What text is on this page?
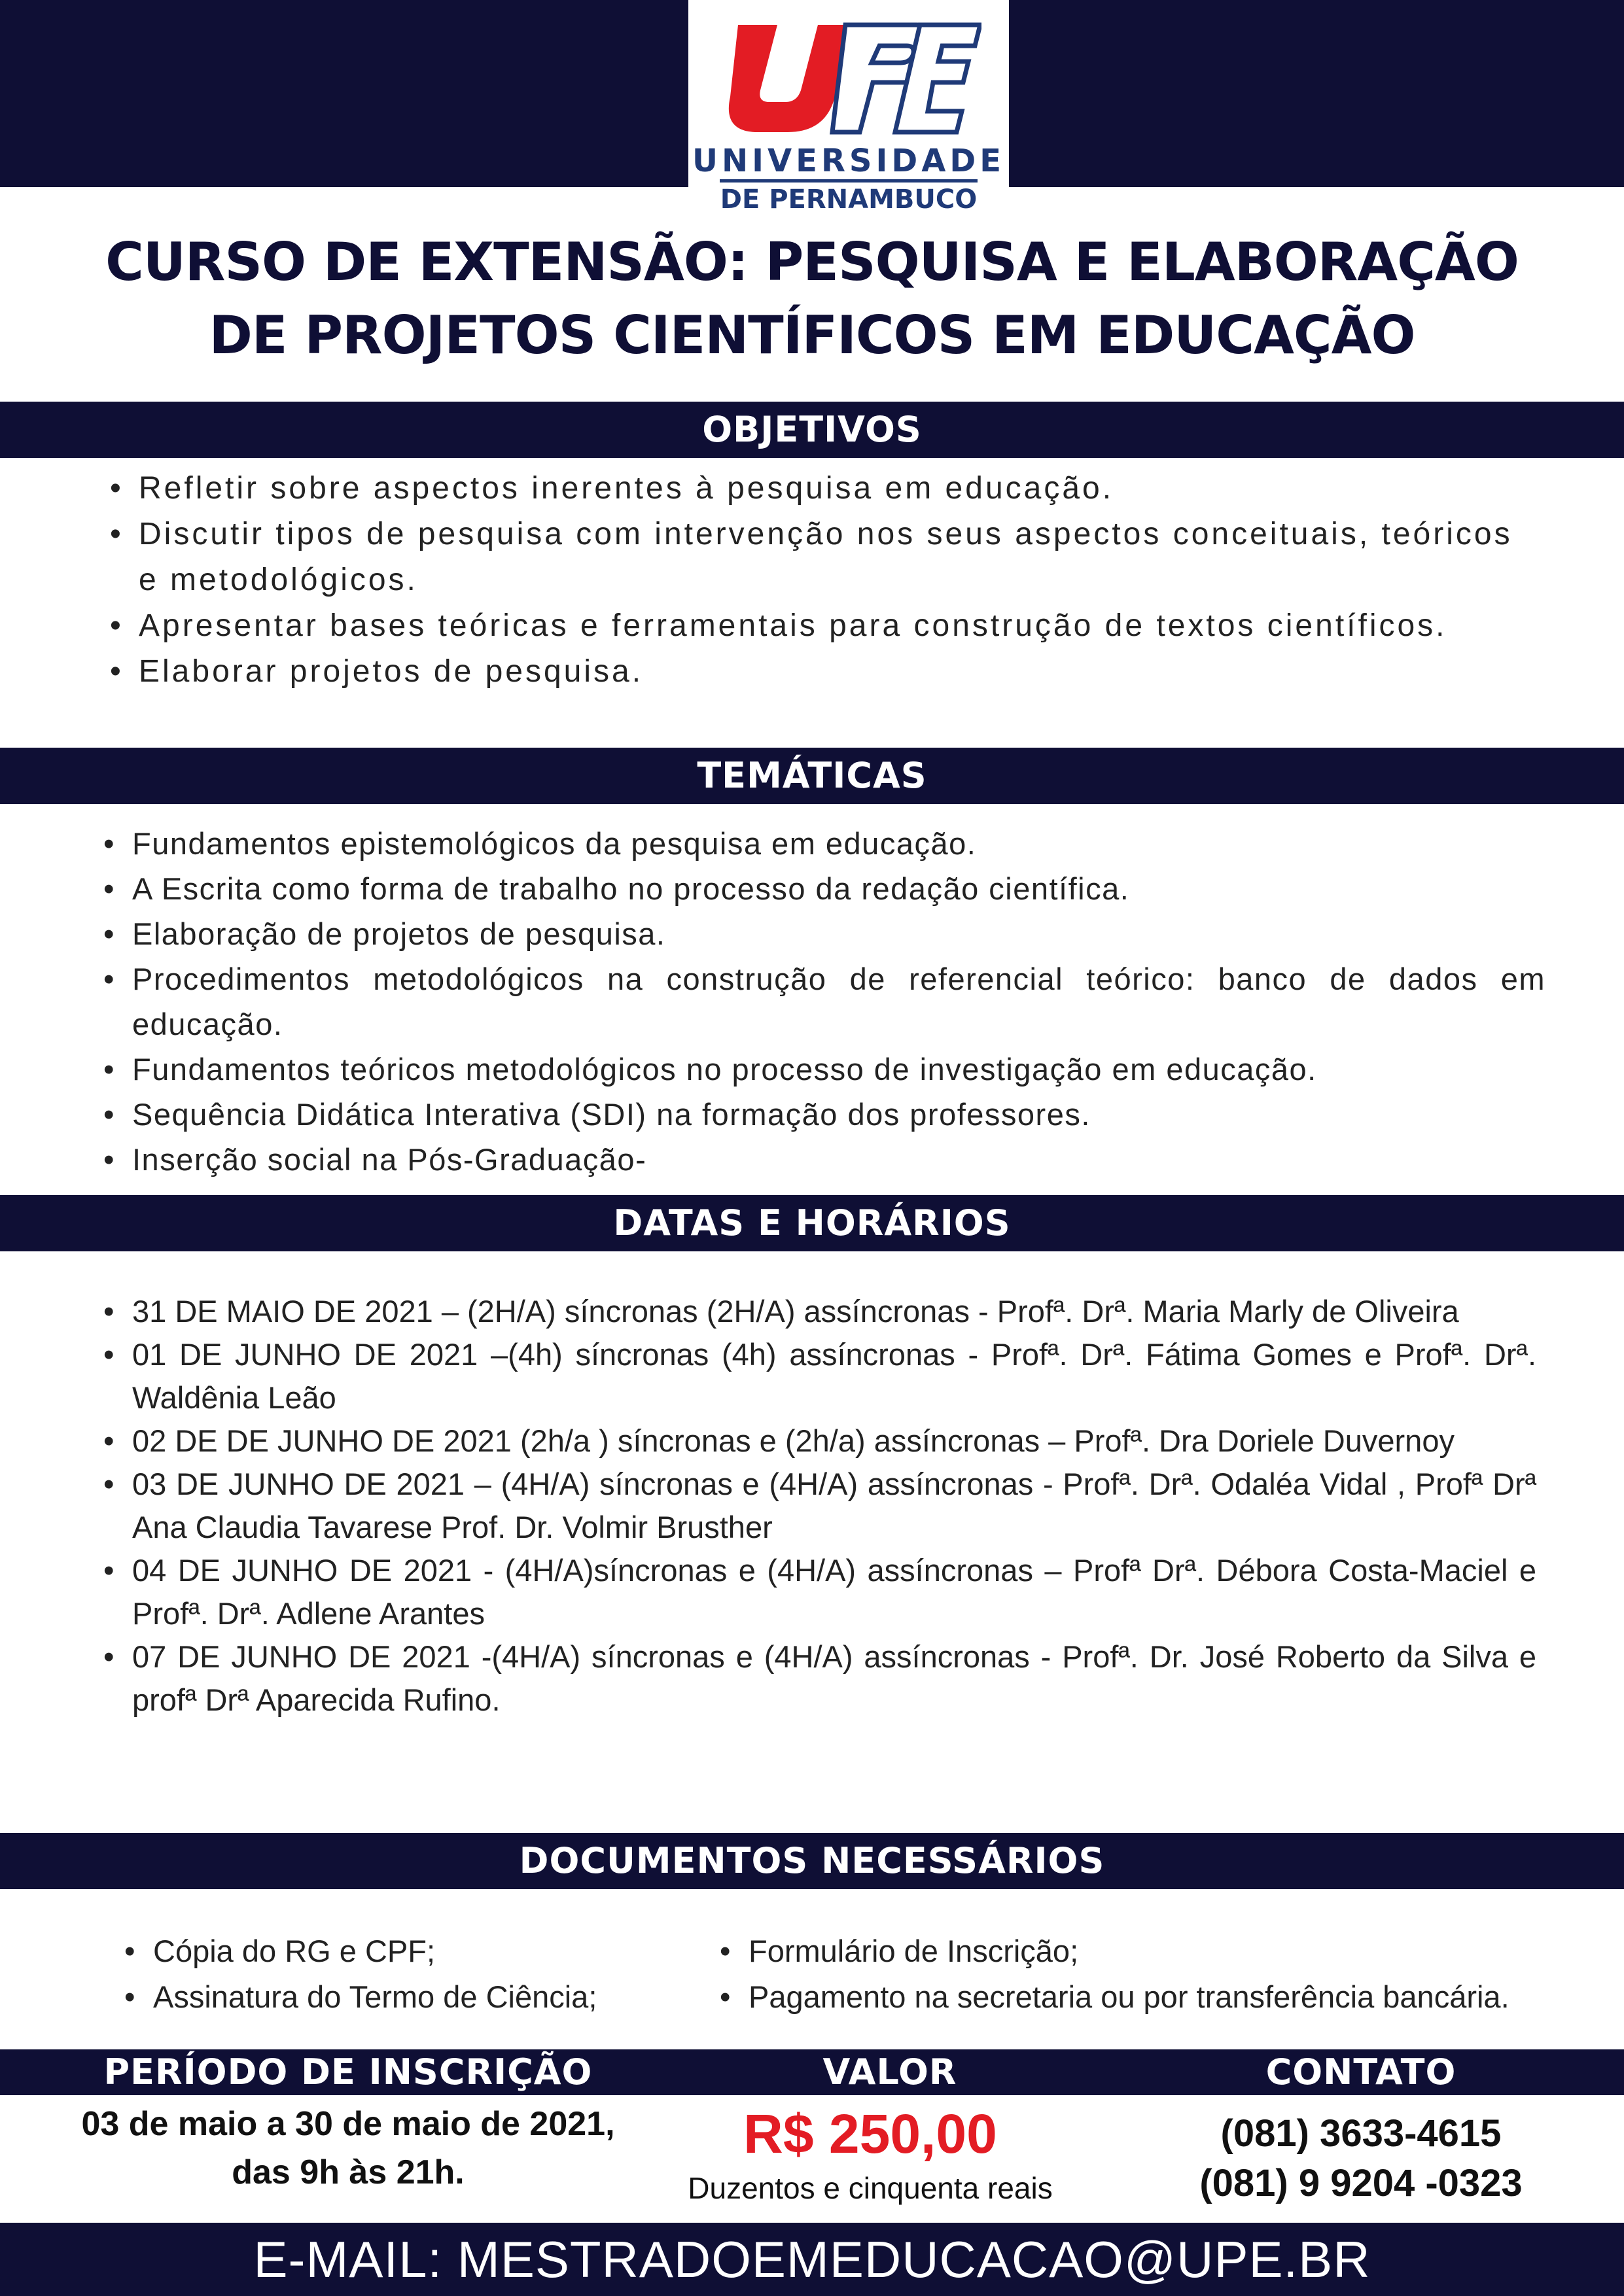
UNIVERSIDADE
DE PERNAMBUCO
CURSO DE EXTENSÃO: PESQUISA E ELABORAÇÃO
DE PROJETOS CIENTÍFICOS EM EDUCAÇÃO
OBJETIVOS
• Refletir sobre aspectos inerentes à pesquisa em educação.
• Discutir tipos de pesquisa com intervenção nos seus aspectos conceituais, teóricos e metodológicos.
• Apresentar bases teóricas e ferramentais para construção de textos científicos.
• Elaborar projetos de pesquisa.
TEMÁTICAS
• Fundamentos epistemológicos da pesquisa em educação.
• A Escrita como forma de trabalho no processo da redação científica.
• Elaboração de projetos de pesquisa.
• Procedimentos metodológicos na construção de referencial teórico: banco de dados em educação.
• Fundamentos teóricos metodológicos no processo de investigação em educação.
• Sequência Didática Interativa (SDI) na formação dos professores.
• Inserção social na Pós-Graduação-
DATAS E HORÁRIOS
• 31 DE MAIO DE 2021 – (2H/A) síncronas (2H/A) assíncronas - Profª. Drª. Maria Marly de Oliveira
• 01 DE JUNHO DE 2021 –(4h) síncronas (4h) assíncronas - Profª. Drª. Fátima Gomes e Profª. Drª. Waldênia Leão
• 02 DE DE JUNHO DE 2021 (2h/a ) síncronas e (2h/a) assíncronas – Profª. Dra Doriele Duvernoy
• 03 DE JUNHO DE 2021 – (4H/A) síncronas e (4H/A) assíncronas - Profª. Drª. Odaléa Vidal , Profª Drª Ana Claudia Tavarese Prof. Dr. Volmir Brusther
• 04 DE JUNHO DE 2021 - (4H/A)síncronas e (4H/A) assíncronas – Profª Drª. Débora Costa-Maciel e Profª. Drª. Adlene Arantes
• 07 DE JUNHO DE 2021 -(4H/A) síncronas e (4H/A) assíncronas - Profª. Dr. José Roberto da Silva e profª Drª Aparecida Rufino.
DOCUMENTOS NECESSÁRIOS
• Cópia do RG e CPF;
• Assinatura do Termo de Ciência;
• Formulário de Inscrição;
• Pagamento na secretaria ou por transferência bancária.
PERÍODO DE INSCRIÇÃO	VALOR	CONTATO
03 de maio a 30 de maio de 2021,
das 9h às 21h.
R$ 250,00
Duzentos e cinquenta reais
(081) 3633-4615
(081) 9 9204 -0323
E-MAIL: MESTRADOEMEDUCACAO@UPE.BR
